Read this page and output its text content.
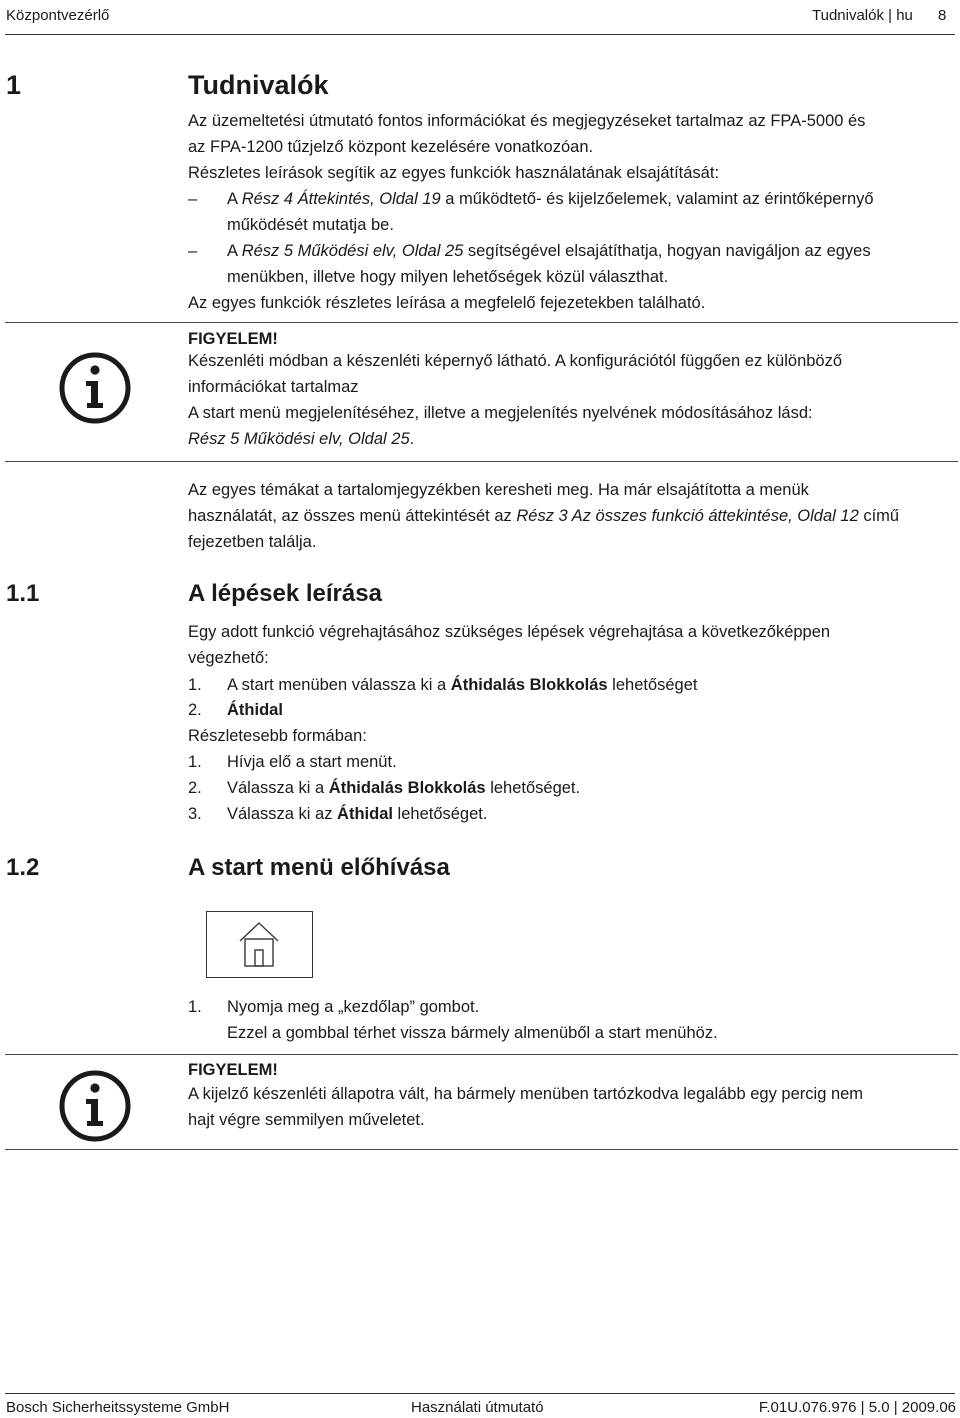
Központvezérlő	Tudnivalók | hu 8
1	Tudnivalók
Az üzemeltetési útmutató fontos információkat és megjegyzéseket tartalmaz az FPA-5000 és
az FPA-1200 tűzjelző központ kezelésére vonatkozóan.
Részletes leírások segítik az egyes funkciók használatának elsajátítását:
– A Rész 4 Áttekintés, Oldal 19 a működtető- és kijelzőelemek, valamint az érintőképernyő
működését mutatja be.
– A Rész 5 Működési elv, Oldal 25 segítségével elsajátíthatja, hogyan navigáljon az egyes
menükben, illetve hogy milyen lehetőségek közül választhat.
Az egyes funkciók részletes leírása a megfelelő fejezetekben található.
FIGYELEM!
Készenléti módban a készenléti képernyő látható. A konfigurációtól függően ez különböző
információkat tartalmaz
A start menü megjelenítéséhez, illetve a megjelenítés nyelvének módosításához lásd:
Rész 5 Működési elv, Oldal 25.
Az egyes témákat a tartalomjegyzékben keresheti meg. Ha már elsajátította a menük
használatát, az összes menü áttekintését az Rész 3 Az összes funkció áttekintése, Oldal 12 című
fejezetben találja.
1.1	A lépések leírása
Egy adott funkció végrehajtásához szükséges lépések végrehajtása a következőképpen
végezhető:
1. A start menüben válassza ki a Áthidalás Blokkolás lehetőséget
2. Áthidal
Részletesebb formában:
1. Hívja elő a start menüt.
2. Válassza ki a Áthidalás Blokkolás lehetőséget.
3. Válassza ki az Áthidal lehetőséget.
1.2	A start menü előhívása
1. Nyomja meg a „kezdőlap” gombot.
Ezzel a gombbal térhet vissza bármely almenüből a start menühöz.
FIGYELEM!
A kijelző készenléti állapotra vált, ha bármely menüben tartózkodva legalább egy percig nem
hajt végre semmilyen műveletet.
Bosch Sicherheitssysteme GmbH	Használati útmutató	F.01U.076.976 | 5.0 | 2009.06
